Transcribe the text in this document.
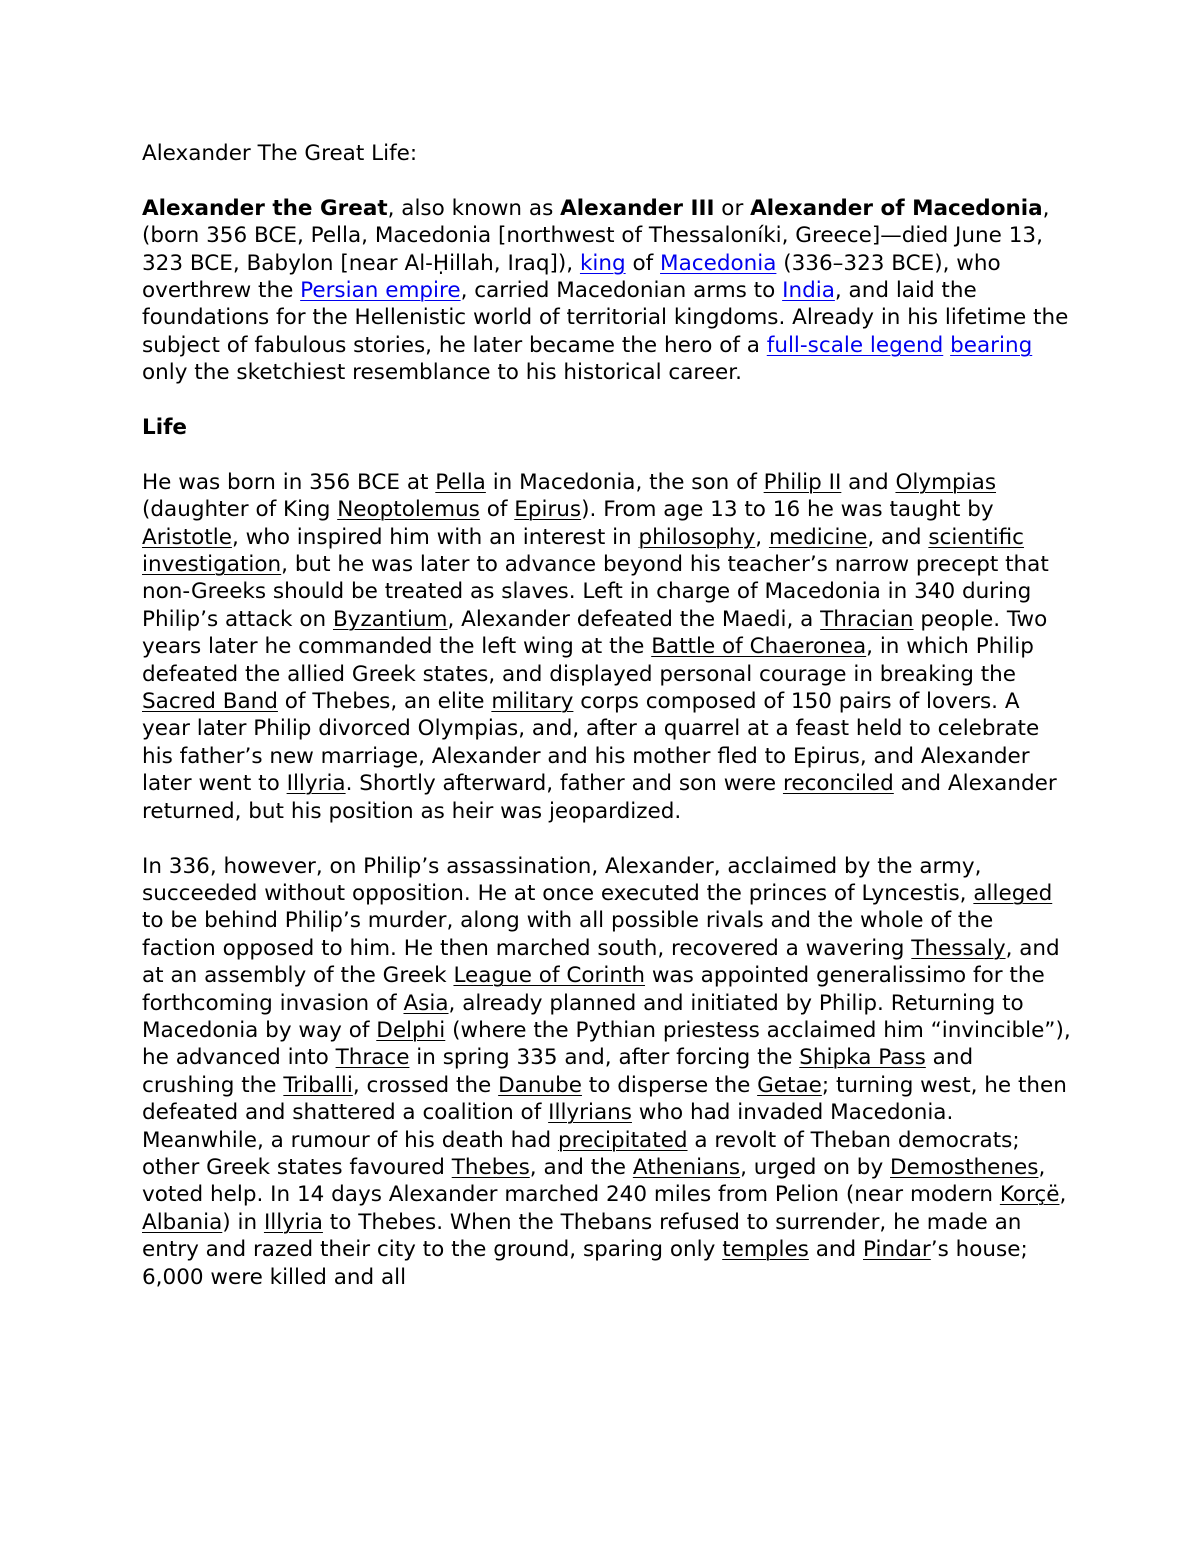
Alexander The Great Life:

Alexander the Great, also known as Alexander III or Alexander of Macedonia, (born 356 BCE, Pella, Macedonia [northwest of Thessaloníki, Greece]—died June 13, 323 BCE, Babylon [near Al-Ḥillah, Iraq]), king of Macedonia (336–323 BCE), who overthrew the Persian empire, carried Macedonian arms to India, and laid the foundations for the Hellenistic world of territorial kingdoms. Already in his lifetime the subject of fabulous stories, he later became the hero of a full-scale legend bearing only the sketchiest resemblance to his historical career.

Life

He was born in 356 BCE at Pella in Macedonia, the son of Philip II and Olympias (daughter of King Neoptolemus of Epirus). From age 13 to 16 he was taught by Aristotle, who inspired him with an interest in philosophy, medicine, and scientific investigation, but he was later to advance beyond his teacher’s narrow precept that non-Greeks should be treated as slaves. Left in charge of Macedonia in 340 during Philip’s attack on Byzantium, Alexander defeated the Maedi, a Thracian people. Two years later he commanded the left wing at the Battle of Chaeronea, in which Philip defeated the allied Greek states, and displayed personal courage in breaking the Sacred Band of Thebes, an elite military corps composed of 150 pairs of lovers. A year later Philip divorced Olympias, and, after a quarrel at a feast held to celebrate his father’s new marriage, Alexander and his mother fled to Epirus, and Alexander later went to Illyria. Shortly afterward, father and son were reconciled and Alexander returned, but his position as heir was jeopardized.

In 336, however, on Philip’s assassination, Alexander, acclaimed by the army, succeeded without opposition. He at once executed the princes of Lyncestis, alleged to be behind Philip’s murder, along with all possible rivals and the whole of the faction opposed to him. He then marched south, recovered a wavering Thessaly, and at an assembly of the Greek League of Corinth was appointed generalissimo for the forthcoming invasion of Asia, already planned and initiated by Philip. Returning to Macedonia by way of Delphi (where the Pythian priestess acclaimed him “invincible”), he advanced into Thrace in spring 335 and, after forcing the Shipka Pass and crushing the Triballi, crossed the Danube to disperse the Getae; turning west, he then defeated and shattered a coalition of Illyrians who had invaded Macedonia. Meanwhile, a rumour of his death had precipitated a revolt of Theban democrats; other Greek states favoured Thebes, and the Athenians, urged on by Demosthenes, voted help. In 14 days Alexander marched 240 miles from Pelion (near modern Korçë, Albania) in Illyria to Thebes. When the Thebans refused to surrender, he made an entry and razed their city to the ground, sparing only temples and Pindar’s house; 6,000 were killed and all
